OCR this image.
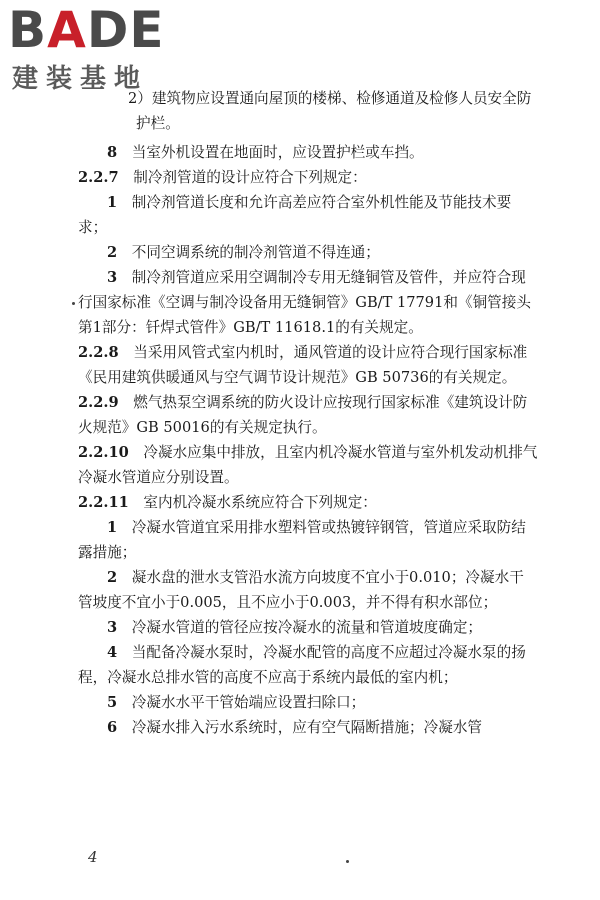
BADE
建装基地

2）建筑物应设置通向屋顶的楼梯、检修通道及检修人员安全防护栏。

8　 当室外机设置在地面时，应设置护栏或车挡。

2.2.7　 制冷剂管道的设计应符合下列规定：

1　 制冷剂管道长度和允许高差应符合室外机性能及节能技术要求；

2　 不同空调系统的制冷剂管道不得连通；

3　 制冷剂管道应采用空调制冷专用无缝铜管及管件，并应符合现行国家标准《空调与制冷设备用无缝铜管》GB/T 17791和《铜管接头　第1部分：钎焊式管件》GB/T 11618.1的有关规定。

2.2.8　 当采用风管式室内机时，通风管道的设计应符合现行国家标准《民用建筑供暖通风与空气调节设计规范》GB 50736的有关规定。

2.2.9　 燃气热泵空调系统的防火设计应按现行国家标准《建筑设计防火规范》GB 50016的有关规定执行。

2.2.10　 冷凝水应集中排放，且室内机冷凝水管道与室外机发动机排气冷凝水管道应分别设置。

2.2.11　 室内机冷凝水系统应符合下列规定：

1　 冷凝水管道宜采用排水塑料管或热镀锌钢管，管道应采取防结露措施；

2　 凝水盘的泄水支管沿水流方向坡度不宜小于0.010；冷凝水干管坡度不宜小于0.005，且不应小于0.003，并不得有积水部位；

3　 冷凝水管道的管径应按冷凝水的流量和管道坡度确定；

4　 当配备冷凝水泵时，冷凝水配管的高度不应超过冷凝水泵的扬程，冷凝水总排水管的高度不应高于系统内最低的室内机；

5　 冷凝水水平干管始端应设置扫除口；

6　 冷凝水排入污水系统时，应有空气隔断措施；冷凝水管

4
